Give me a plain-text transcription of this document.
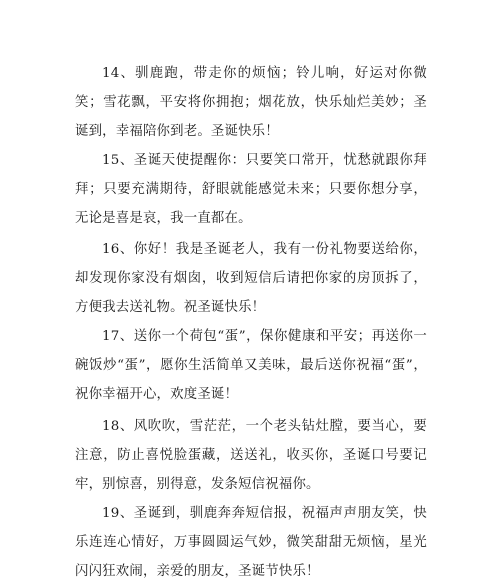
14、驯鹿跑，带走你的烦恼；铃儿响，好运对你微笑；雪花飘，平安将你拥抱；烟花放，快乐灿烂美妙；圣诞到，幸福陪你到老。圣诞快乐！

15、圣诞天使提醒你：只要笑口常开，忧愁就跟你拜拜；只要充满期待，舒眼就能感觉未来；只要你想分享，无论是喜是哀，我一直都在。

16、你好！我是圣诞老人，我有一份礼物要送给你，却发现你家没有烟囱，收到短信后请把你家的房顶拆了，方便我去送礼物。祝圣诞快乐！

17、送你一个荷包“蛋”，保你健康和平安；再送你一碗饭炒“蛋”，愿你生活简单又美味，最后送你祝福“蛋”，祝你幸福开心，欢度圣诞！

18、风吹吹，雪茫茫，一个老头钻灶膛，要当心，要注意，防止喜悦脸蛋藏，送送礼，收买你，圣诞口号要记牢，别惊喜，别得意，发条短信祝福你。

19、圣诞到，驯鹿奔奔短信报，祝福声声朋友笑，快乐连连心情好，万事圆圆运气妙，微笑甜甜无烦恼，星光闪闪狂欢闹，亲爱的朋友，圣诞节快乐！
